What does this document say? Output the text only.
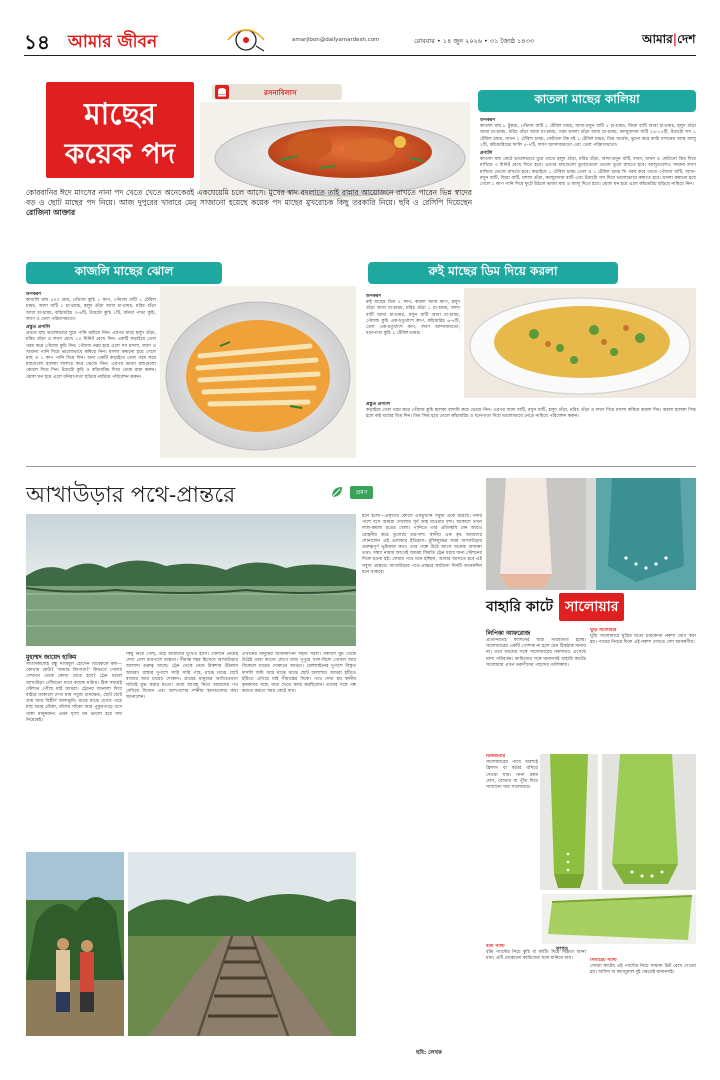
১৪ আমার জীবন	amarjibon@dailyamardesh.com	রোববার • ১৪ জুন ২০২৬ • ৩১ জ্যৈষ্ঠ ১৪৩৩	আমার|দেশ
মাছের
কয়েক পদ
রসনাবিলাস	কাতলা মাছের কালিয়া
উপকরণ
কাতলা মাছ ৮ টুকরা, পেঁয়াজ বাটি ১ টেবিল চামচ, আদা-রসুন বাটি ১ চা-চামচ, জিরা বাটি আধা চা-চামচ, হলুদ গুঁড়া আধা চা-চামচ, মরিচ গুঁড়া আধা চা-চামচ, গরম মসলা গুঁড়া আধা চা-চামচ, কাজুবাদাম বাটি ২৪-১৫টি, টমেটো সস ১ টেবিল চামচ, মাখন ১ টেবিল চামচ, ফেটানো টক দই ১ টেবিল চামচ, ডিম অর্ধেক, ভুনো করে কাটা মাখনের আস্ত আলু ২টি, কাঁচামরিচের ফালি ৫-৭টি, লবণ আন্দাজমতো এবং তেল পরিমাণমতো।
প্রণালি
কাতলা মাছ কেটে ভালোভাবে ধুয়ে তাতে হলুদ গুঁড়া, মরিচ গুঁড়া, আদা-রসুন বাটি, লবণ, মাখন ও ফেটানো ডিম দিয়ে মাখিয়ে ৩ মিনিট রেখে দিতে হবে। এরপর মাছগুলো ডুবোতেলে ভেজে তুলে রাখতে হবে। আলুগুলোও সামান্য লবণ মাখিয়ে ভেজে রাখতে হবে। কড়াইয়ে ১ টেবিল চামচ তেল ও ১ টেবিল চামচ ঘি গরম করে তাতে পেঁয়াজ বাটি, আদা-রসুন বাটি, জিরা বাটি, মশলা গুঁড়া, কাজুবাদাম বাটি এবং টমেটো সস দিয়ে ভালোভাবে কষাতে হবে। মসলা কষানো হয়ে গেলে ১ কাপ পানি দিয়ে ফুটে উঠলে ভাজা মাছ ও আলু দিতে হবে। ঝোল ঘন হয়ে এলে কাঁচামরিচ ছড়িয়ে নামিয়ে নিন।
কোরবানির ঈদে মাংসের নানা পদ খেতে খেতে অনেকেরই একঘেয়েমি চলে আসে। মুখের স্বাদ বদলাতে তাই রান্নার আয়োজনে রাখতে পারেন ভিন্ন স্বাদের বড় ও ছোট মাছের পদ নিয়ে। আজ দুপুরের খাবারে মেনু সাজানো হয়েছে কয়েক পদ মাছের মুখরোচক কিছু তরকারি নিয়ে। ছবি ও রেসিপি দিয়েছেন রোজিনা আক্তার
কাজলি মাছের ঝোল
উপকরণ
কাজলি মাছ ৫০০ গ্রাম, পেঁয়াজ কুচি ১ কাপ, পেঁয়াজ বাটি ১ টেবিল চামচ, আদা বাটি ১ চা-চামচ, হলুদ গুঁড়া আধা চা-চামচ, মরিচ গুঁড়া আধা চা-চামচ, কাঁচামরিচ ৩-৪টি, টমেটো কুচি ১টি, ধনিয়া পাতা কুচি, লবণ ও তেল পরিমাণমতো।
প্রস্তুত প্রণালি
প্রথমে মাছ ভালোভাবে ধুয়ে পানি ঝরিয়ে নিন। এরপর মাছে হলুদ গুঁড়া, মরিচ গুঁড়া ও লবণ মেখে ১০ মিনিট রেখে দিন। একটি কড়াইয়ে তেল গরম করে পেঁয়াজ কুচি দিন। পেঁয়াজ নরম হয়ে এলে সব মসলা, লবণ ও সামান্য পানি দিয়ে ভালোভাবে কষিয়ে নিন। মসলা কষানো হয়ে গেলে মাছ ও ১ কাপ পানি দিয়ে দিন। অন্য একটি কড়াইয়ে তেল গরম করে মাছগুলো হালকা লালচে করে ভেজে নিন। এরপর ভাজা মাছগুলো ঝোলে দিয়ে দিন। টমেটো কুচি ও কাঁচামরিচ দিয়ে ঢেকে রান্না করুন। ঝোল ঘন হয়ে এলে ধনিয়াপাতা ছড়িয়ে নামিয়ে পরিবেশন করুন।
রুই মাছের ডিম দিয়ে করলা
উপকরণ
রুই মাছের ডিম ২ কাপ, করলা আধা কাপ, হলুদ গুঁড়া আধা চা-চামচ, মরিচ গুঁড়া ১ চা-চামচ, আদা বাটি আধা চা-চামচ, রসুন বাটি আধা চা-চামচ, পেঁয়াজ কুচি এক-চতুর্থাংশ কাপ, কাঁচামরিচ ৬-৭টি, তেল এক-চতুর্থাংশ কাপ, লবণ আন্দাজমতো, ধনেপাতা কুচি ১ টেবিল-চামচ।
প্রস্তুত প্রণালি
কড়াইয়ে তেল গরম করে পেঁয়াজ কুচি হালকা বাদামি করে ভেজে নিন। এরপর আদা বাটি, রসুন বাটি, হলুদ গুঁড়া, মরিচ গুঁড়া ও লবণ দিয়ে মসলা কষিয়ে করলা দিন। করলা হালকা সিদ্ধ হলে রুই মাছের ডিম দিন। ডিম সিদ্ধ হয়ে গেলে কাঁচামরিচ ও ধনেপাতা দিয়ে ভালোভাবে নেড়ে নামিয়ে পরিবেশন করুন।
আখাউড়ার পথে-প্রান্তরে	ভ্রমণ
মুহাম্মদ জায়েদ হাকিম
সাতসকালেই বন্ধু নাজমুল হোসেন বিবেককে কল—কোথায় কেউ? 'আমার জিগাবা?' কিভাবে পেলাম সেখানে থেকে কোথা যেতে হবে? ট্রেন ধরলে আখাউড়া পৌঁছানো যাবে কয়েক ঘণ্টায়। ঠিক সময়েই স্টেশনে পৌঁছে যাই আমরা। ট্রেনের জানালা দিয়ে বাইরে তাকালে দেখা যায় সবুজ ধানক্ষেত, ছোট ছোট গ্রাম আর বিস্তীর্ণ জলাভূমি। মাঝে মাঝে চোখে পড়ে মাছ ধরার নৌকা, বাঁশের সাঁকো আর পুকুরপাড়ে বসে থাকা মানুষজন। এমন দৃশ্যে মন ভালো হয়ে যায় নিমেষেই।
কিছু নিয়ে গেছি, তাই আমাদের মুখেও হাসি। স্টেশনে নেমেই দেখা গেল চারপাশে ব্যস্ততা। সীমান্ত শহর হিসেবে আখাউড়ার আলাদা গুরুত্ব আছে। ট্রেন থেকে নেমে রিকশায় উঠলাম আমরা। রাস্তার দুপাশে সারি সারি গাছ, মাঝে মাঝে ছোট বাজার আর চায়ের দোকান। গ্রামের মানুষের আতিথেয়তা সত্যিই মুগ্ধ করার মতো। তারা আগ্রহ নিয়ে আমাদের পথ দেখিয়ে দিলেন এবং আশপাশের দর্শনীয় স্থানগুলোর কথা জানালেন।
এখানের মানুষের জীবনযাপন সহজ সরল। সকালে ঘুম থেকে উঠেই তারা কাজে লেগে যায়। দুপুরে খাল-বিলে গোসল আর বিকেলে চায়ের দোকানে আড্ডা। রেললাইনের দুপাশে বিস্তৃত ফসলি জমি আর মাঝে মাঝে ছোট জলাশয়। আমরা হাঁটতে হাঁটতে এগিয়ে যাই সীমান্তের দিকে। পথে দেখা হয় স্থানীয় কৃষকদের সঙ্গে, যারা খেতে কাজ করছিলেন। তাদের সঙ্গে গল্প করতে করতে সময় কেটে যায়।
মনে হলো—প্রকৃতির কোলে একটুখানি সবুজ এঁকে রয়েছে। নদীর পাশে বসে আমরা দেখলাম সূর্য অস্ত যাওয়ার দৃশ্য। আকাশে তখন লাল-কমলা রঙের খেলা। পানিতে তার প্রতিচ্ছবি যেন আরও মোহনীয় করে তুলেছে চারপাশ। স্থানীয় এক বৃদ্ধ আমাদের শোনালেন এই এলাকার ইতিহাস। মুক্তিযুদ্ধের সময় আখাউড়ার গুরুত্বপূর্ণ ভূমিকার কথা। তার গল্পে উঠে আসে অনেক অজানা তথ্য। সন্ধ্যা নামার আগেই আমরা ফিরতি ট্রেন ধরার জন্য স্টেশনের দিকে রওনা হই। ফেরার পথে মনে হচ্ছিল, আবার আসতে হবে এই সবুজ প্রান্তরে। আখাউড়ার পথে-প্রান্তরে কাটানো দিনটি অনেকদিন মনে থাকবে।
ছবি: লেখক
বাহারি কাটে সালোয়ার
লিপিকা আফরোজ
প্রতিনিয়তই ফ্যাশনের ধারা পরিবর্তিত হচ্ছে। সালোয়ারের একটি পোশাক না হলে যেন ঠিকঠাক মানায় না। তবে সময়ের সঙ্গে সালোয়ারের নকশায়ও এসেছে নানা পরিবর্তন। কামিজের সঙ্গে মানানসই বাহারি কাটের সালোয়ার এখন তরুণীদের পছন্দের তালিকায়।
ঘুড়ি সালোয়ার
ঘুড়ি সালোয়ারে ঘুড়ির মতো চারকোনা নকশা যোগ করা হয়। পায়ের নিচের দিকে এই নকশা দেখতে বেশ আকর্ষণীয়।
ডিজাইনার
সালোয়ারের পায়ে অবশ্যই ফ্রিলস বা বর্ডার বসিয়ে দেওয়া যায়। নানা রকম লেস, বোতাম বা পুঁতি দিয়ে সাজানো যায় সালোয়ার।
কাপড়
বটম প্যান্ট
বটম প্যান্টের নিচে কুচি বা কাটিং দিয়ে ভিন্নতা আনা যায়। এটি যেকোনো কামিজের সঙ্গে মানিয়ে যায়।	সিগারেট প্যান্ট
সোজা কাটের এই প্যান্টের নিচে সামান্য স্লিট রেখে দেওয়া হয়। অফিস বা ক্যাজুয়াল দুই ক্ষেত্রেই মানানসই।
